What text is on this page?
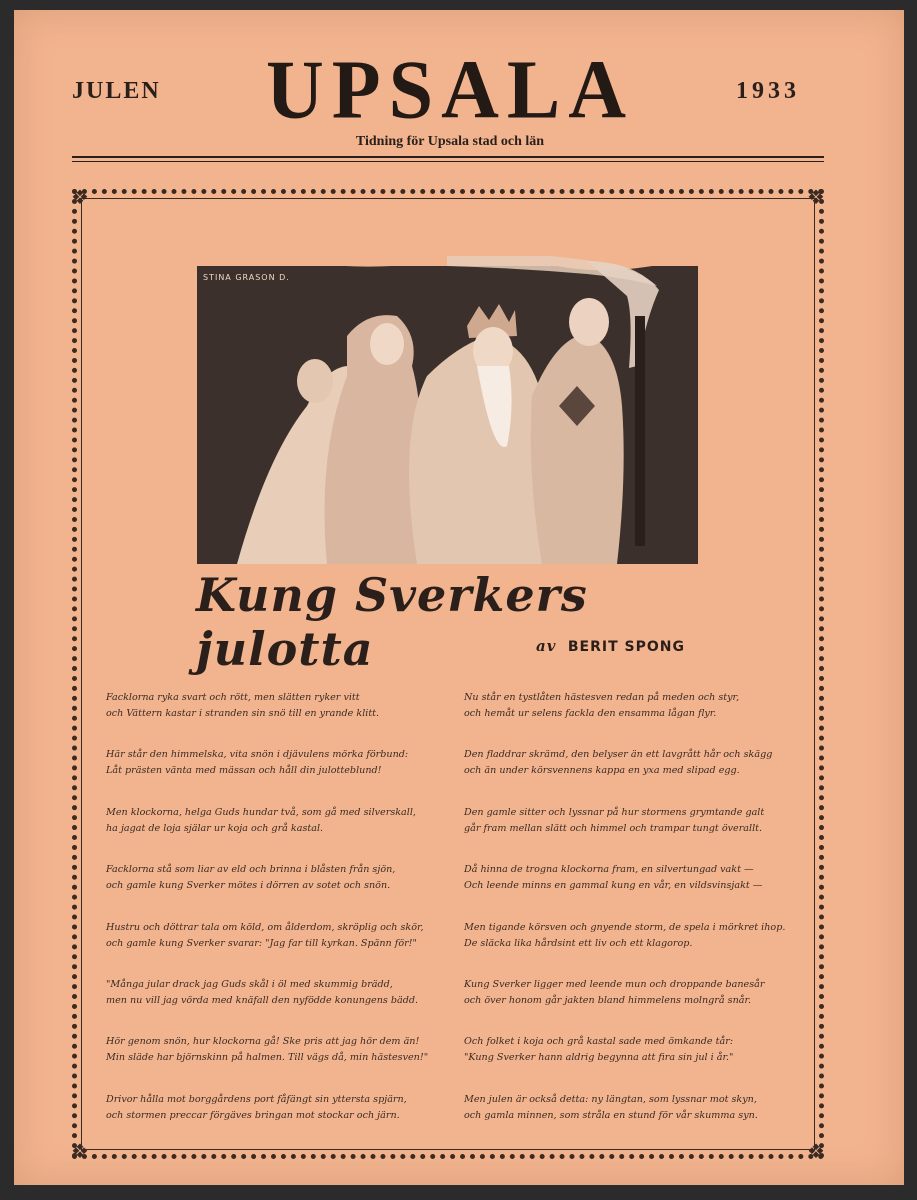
JULEN UPSALA	1933
Tidning för Upsala stad och län
❖	❖
❖	❖
STINA GRASON D.
Kung Sverkers julotta	av BERIT SPONG
Facklorna ryka svart och rött, men slätten ryker vitt
och Vättern kastar i stranden sin snö till en yrande klitt.
Nu står en tystlåten hästesven redan på meden och styr,
och hemåt ur selens fackla den ensamma lågan flyr.
Här står den himmelska, vita snön i djävulens mörka förbund:
Låt prästen vänta med mässan och håll din julotteblund!
Den fladdrar skrämd, den belyser än ett lavgrått hår och skägg
och än under körsvennens kappa en yxa med slipad egg.
Men klockorna, helga Guds hundar två, som gå med silverskall,
ha jagat de loja själar ur koja och grå kastal.
Den gamle sitter och lyssnar på hur stormens grymtande galt
går fram mellan slätt och himmel och trampar tungt överallt.
Facklorna stå som liar av eld och brinna i blåsten från sjön,
och gamle kung Sverker mötes i dörren av sotet och snön.
Då hinna de trogna klockorna fram, en silvertungad vakt —
Och leende minns en gammal kung en vår, en vildsvinsjakt —
Hustru och döttrar tala om köld, om ålderdom, skröplig och skör,
och gamle kung Sverker svarar: "Jag far till kyrkan. Spänn för!"
Men tigande körsven och gnyende storm, de spela i mörkret ihop.
De släcka lika hårdsint ett liv och ett klagorop.
"Många jular drack jag Guds skål i öl med skummig brädd,
men nu vill jag vörda med knäfall den nyfödde konungens bädd.
Kung Sverker ligger med leende mun och droppande banesår
och över honom går jakten bland himmelens molngrå snår.
Hör genom snön, hur klockorna gå! Ske pris att jag hör dem än!
Min släde har björnskinn på halmen. Till vägs då, min hästesven!"
Och folket i koja och grå kastal sade med ömkande tår:
"Kung Sverker hann aldrig begynna att fira sin jul i år."
Drivor hålla mot borggårdens port fåfängt sin yttersta spjärn,
och stormen prессar förgäves bringan mot stockar och järn.
Men julen är också detta: ny längtan, som lyssnar mot skyn,
och gamla minnen, som stråla en stund för vår skumma syn.
